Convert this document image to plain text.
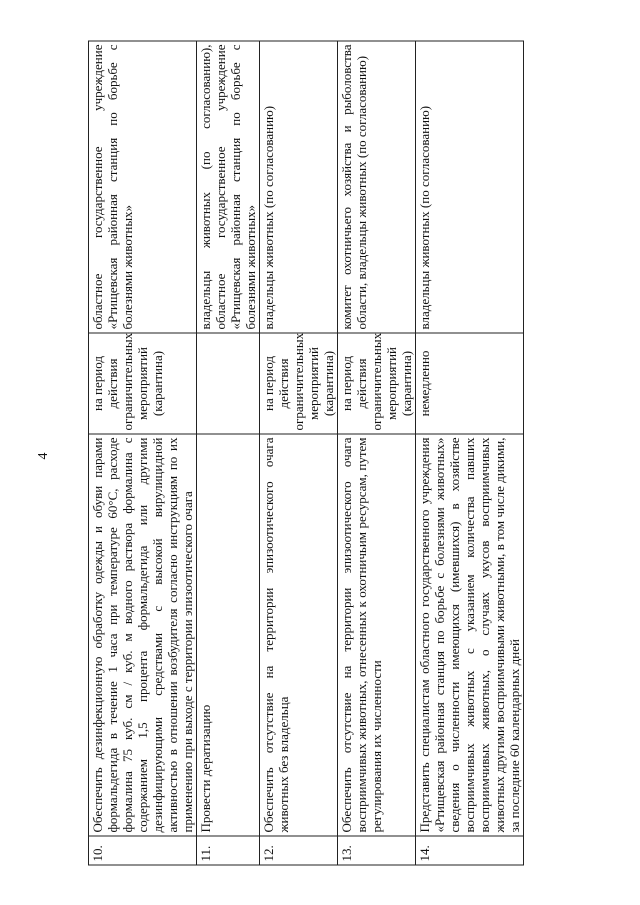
4
10.	Обеспечить дезинфекционную обработку одежды и обуви парами формальдегида в течение 1 часа при температуре 60°С, расходе формалина 75 куб. см / куб. м водного раствора формалина с содержанием 1,5 процента формальдегида или другими дезинфицирующими средствами с высокой вирулицидной активностью в отношении возбудителя согласно инструкциям по их применению при выходе с территории эпизоотического очага	на период действия ограничительных мероприятий (карантина)	областное государственное учреждение «Ртищевская районная станция по борьбе с болезнями животных»
11.	Провести дератизацию		владельцы животных (по согласованию), областное государственное учреждение «Ртищевская районная станция по борьбе с болезнями животных»
12.	Обеспечить отсутствие на территории эпизоотического очага животных без владельца	на период действия ограничительных мероприятий (карантина)	владельцы животных (по согласованию)
13.	Обеспечить отсутствие на территории эпизоотического очага восприимчивых животных, отнесенных к охотничьим ресурсам, путем регулирования их численности	на период действия ограничительных мероприятий (карантина)	комитет охотничьего хозяйства и рыболовства области, владельцы животных (по согласованию)
14.	Представить специалистам областного государственного учреждения «Ртищевская районная станция по борьбе с болезнями животных» сведения о численности имеющихся (имевшихся) в хозяйстве восприимчивых животных с указанием количества павших восприимчивых животных, о случаях укусов восприимчивых животных другими восприимчивыми животными, в том числе дикими, за последние 60 календарных дней	немедленно	владельцы животных (по согласованию)
